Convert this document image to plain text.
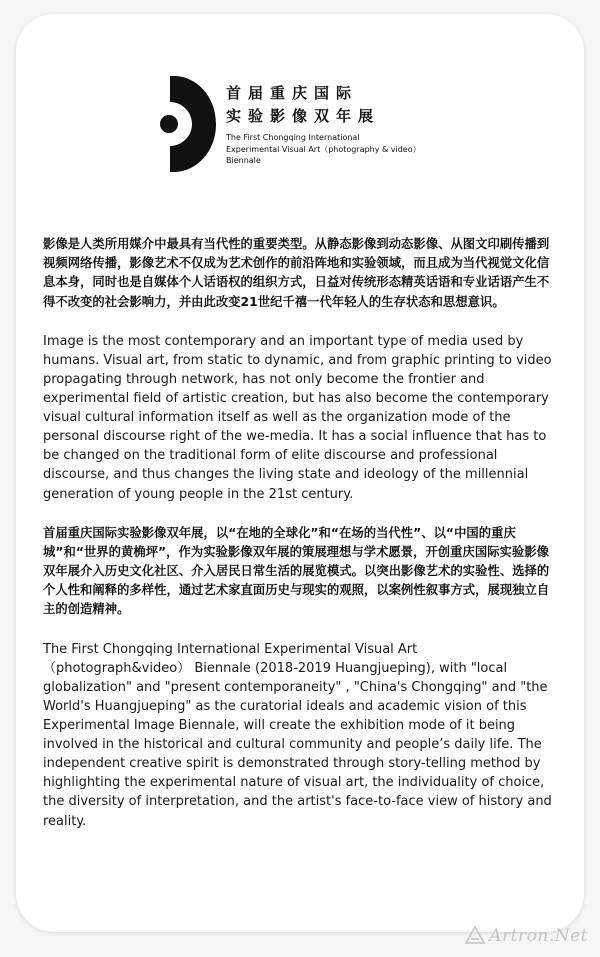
首届重庆国际
实验影像双年展
The First Chongqing International
Experimental Visual Art（photography & video）
Biennale

影像是人类所用媒介中最具有当代性的重要类型。从静态影像到动态影像、从图文印刷传播到视频网络传播，影像艺术不仅成为艺术创作的前沿阵地和实验领域，而且成为当代视觉文化信息本身，同时也是自媒体个人话语权的组织方式，日益对传统形态精英话语和专业话语产生不得不改变的社会影响力，并由此改变21世纪千禧一代年轻人的生存状态和思想意识。

Image is the most contemporary and an important type of media used by humans. Visual art, from static to dynamic, and from graphic printing to video propagating through network, has not only become the frontier and experimental field of artistic creation, but has also become the contemporary visual cultural information itself as well as the organization mode of the personal discourse right of the we-media. It has a social influence that has to be changed on the traditional form of elite discourse and professional discourse, and thus changes the living state and ideology of the millennial generation of young people in the 21st century.

首届重庆国际实验影像双年展，以“在地的全球化”和“在场的当代性”、以“中国的重庆城”和“世界的黄桷坪”，作为实验影像双年展的策展理想与学术愿景，开创重庆国际实验影像双年展介入历史文化社区、介入居民日常生活的展览模式。以突出影像艺术的实验性、选择的个人性和阐释的多样性，通过艺术家直面历史与现实的观照，以案例性叙事方式，展现独立自主的创造精神。

The First Chongqing International Experimental Visual Art（photograph&video） Biennale (2018-2019 Huangjueping), with "local globalization" and "present contemporaneity" , "China's Chongqing" and "the World's Huangjueping" as the curatorial ideals and academic vision of this Experimental Image Biennale, will create the exhibition mode of it being involved in the historical and cultural community and people’s daily life. The independent creative spirit is demonstrated through story-telling method by highlighting the experimental nature of visual art, the individuality of choice, the diversity of interpretation, and the artist's face-to-face view of history and reality.

Artron.Net
